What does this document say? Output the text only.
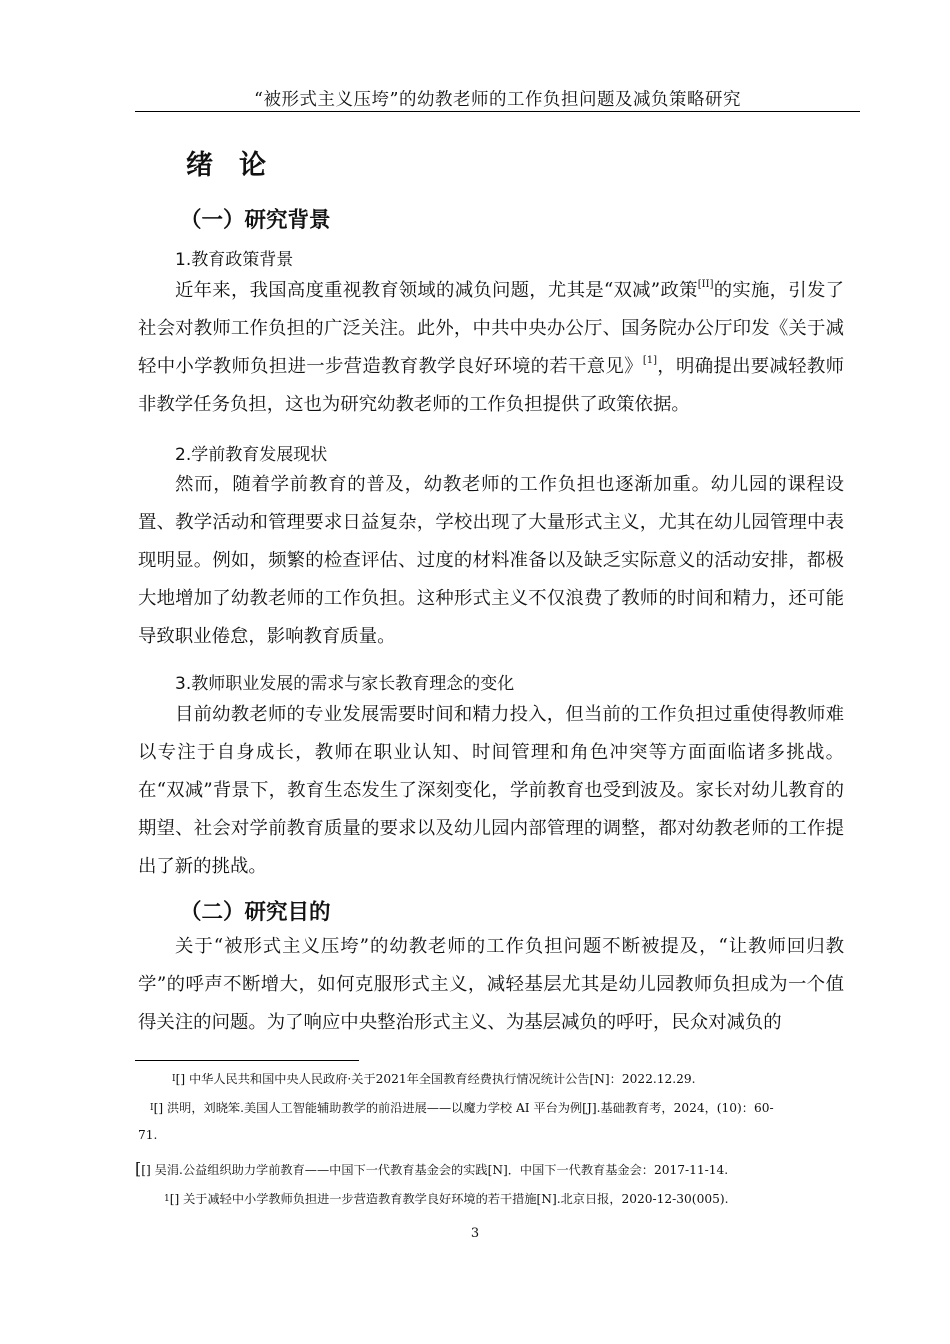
“被形式主义压垮”的幼教老师的工作负担问题及减负策略研究
绪论
（一）研究背景
1.教育政策背景

近年来，我国高度重视教育领域的减负问题，尤其是“双减”政策[II]的实施，引发了社会对教师工作负担的广泛关注。此外，中共中央办公厅、国务院办公厅印发《关于减轻中小学教师负担进一步营造教育教学良好环境的若干意见》[1]，明确提出要减轻教师非教学任务负担，这也为研究幼教老师的工作负担提供了政策依据。

2.学前教育发展现状

然而，随着学前教育的普及，幼教老师的工作负担也逐渐加重。幼儿园的课程设置、教学活动和管理要求日益复杂，学校出现了大量形式主义，尤其在幼儿园管理中表现明显。例如，频繁的检查评估、过度的材料准备以及缺乏实际意义的活动安排，都极大地增加了幼教老师的工作负担。这种形式主义不仅浪费了教师的时间和精力，还可能导致职业倦怠，影响教育质量。

3.教师职业发展的需求与家长教育理念的变化

目前幼教老师的专业发展需要时间和精力投入，但当前的工作负担过重使得教师难以专注于自身成长，教师在职业认知、时间管理和角色冲突等方面面临诸多挑战。在“双减”背景下，教育生态发生了深刻变化，学前教育也受到波及。家长对幼儿教育的期望、社会对学前教育质量的要求以及幼儿园内部管理的调整，都对幼教老师的工作提出了新的挑战。

（二）研究目的

关于“被形式主义压垮”的幼教老师的工作负担问题不断被提及，“让教师回归教学”的呼声不断增大，如何克服形式主义，减轻基层尤其是幼儿园教师负担成为一个值得关注的问题。为了响应中央整治形式主义、为基层减负的呼吁，民众对减负的

$^I$[] 中华人民共和国中央人民政府·关于2021年全国教育经费执行情况统计公告[N]：2022.12.29.
$^I$[] 洪明，刘晓笨.美国人工智能辅助教学的前沿进展——以魔力学校 AI 平台为例[J].基础教育考，2024，(10)：60-
71.
[[] 吴涓.公益组织助力学前教育——中国下一代教育基金会的实践[N]．中国下一代教育基金会：2017-11-14.
$^1$[] 关于减轻中小学教师负担进一步营造教育教学良好环境的若干措施[N].北京日报，2020-12-30(005).
3
